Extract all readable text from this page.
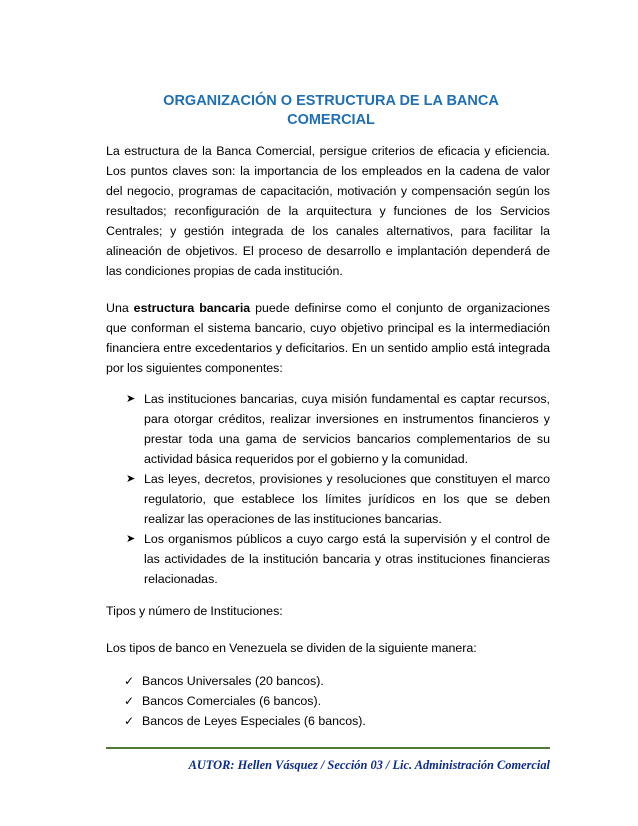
ORGANIZACIÓN O ESTRUCTURA DE LA BANCA
COMERCIAL

La estructura de la Banca Comercial, persigue criterios de eficacia y eficiencia. Los puntos claves son: la importancia de los empleados en la cadena de valor del negocio, programas de capacitación, motivación y compensación según los resultados; reconfiguración de la arquitectura y funciones de los Servicios Centrales; y gestión integrada de los canales alternativos, para facilitar la alineación de objetivos. El proceso de desarrollo e implantación dependerá de las condiciones propias de cada institución.

Una estructura bancaria puede definirse como el conjunto de organizaciones que conforman el sistema bancario, cuyo objetivo principal es la intermediación financiera entre excedentarios y deficitarios. En un sentido amplio está integrada por los siguientes componentes:

➤ Las instituciones bancarias, cuya misión fundamental es captar recursos, para otorgar créditos, realizar inversiones en instrumentos financieros y prestar toda una gama de servicios bancarios complementarios de su actividad básica requeridos por el gobierno y la comunidad.
➤ Las leyes, decretos, provisiones y resoluciones que constituyen el marco regulatorio, que establece los límites jurídicos en los que se deben realizar las operaciones de las instituciones bancarias.
➤ Los organismos públicos a cuyo cargo está la supervisión y el control de las actividades de la institución bancaria y otras instituciones financieras relacionadas.

Tipos y número de Instituciones:

Los tipos de banco en Venezuela se dividen de la siguiente manera:

✓ Bancos Universales (20 bancos).
✓ Bancos Comerciales (6 bancos).
✓ Bancos de Leyes Especiales (6 bancos).
AUTOR: Hellen Vásquez / Sección 03 / Lic. Administración Comercial
